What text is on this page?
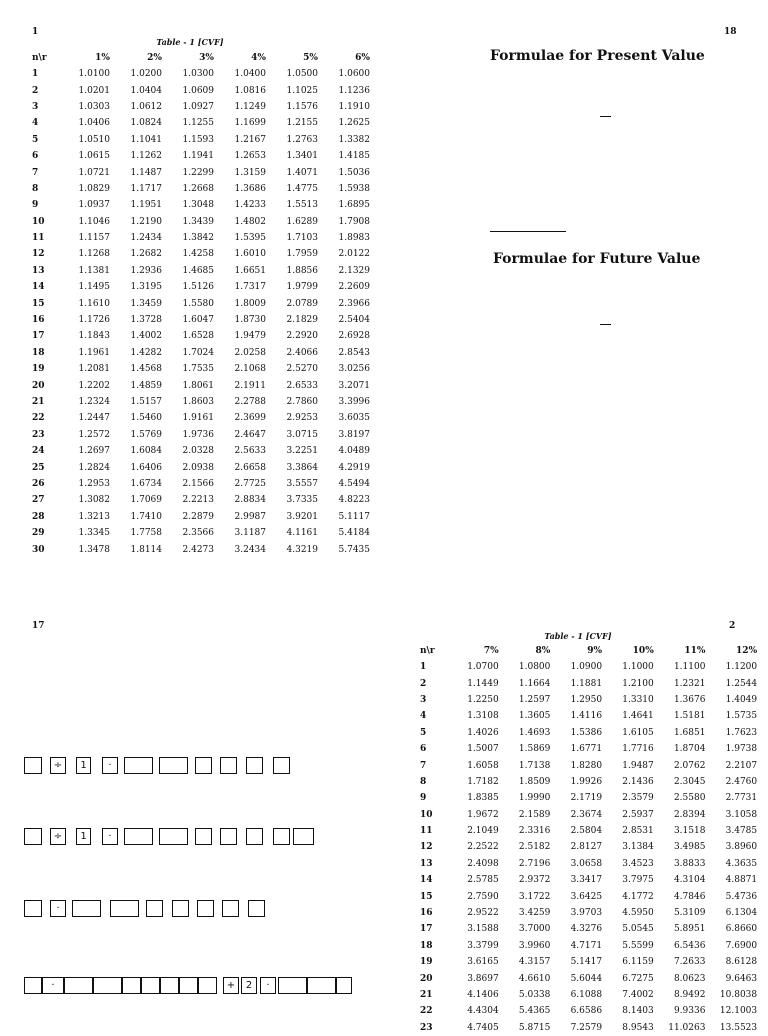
1
Table - 1 [CVF]
n\r	1%	2%	3%	4%	5%	6%
1	1.0100	1.0200	1.0300	1.0400	1.0500	1.0600
2	1.0201	1.0404	1.0609	1.0816	1.1025	1.1236
3	1.0303	1.0612	1.0927	1.1249	1.1576	1.1910
4	1.0406	1.0824	1.1255	1.1699	1.2155	1.2625
5	1.0510	1.1041	1.1593	1.2167	1.2763	1.3382
6	1.0615	1.1262	1.1941	1.2653	1.3401	1.4185
7	1.0721	1.1487	1.2299	1.3159	1.4071	1.5036
8	1.0829	1.1717	1.2668	1.3686	1.4775	1.5938
9	1.0937	1.1951	1.3048	1.4233	1.5513	1.6895
10	1.1046	1.2190	1.3439	1.4802	1.6289	1.7908
11	1.1157	1.2434	1.3842	1.5395	1.7103	1.8983
12	1.1268	1.2682	1.4258	1.6010	1.7959	2.0122
13	1.1381	1.2936	1.4685	1.6651	1.8856	2.1329
14	1.1495	1.3195	1.5126	1.7317	1.9799	2.2609
15	1.1610	1.3459	1.5580	1.8009	2.0789	2.3966
16	1.1726	1.3728	1.6047	1.8730	2.1829	2.5404
17	1.1843	1.4002	1.6528	1.9479	2.2920	2.6928
18	1.1961	1.4282	1.7024	2.0258	2.4066	2.8543
19	1.2081	1.4568	1.7535	2.1068	2.5270	3.0256
20	1.2202	1.4859	1.8061	2.1911	2.6533	3.2071
21	1.2324	1.5157	1.8603	2.2788	2.7860	3.3996
22	1.2447	1.5460	1.9161	2.3699	2.9253	3.6035
23	1.2572	1.5769	1.9736	2.4647	3.0715	3.8197
24	1.2697	1.6084	2.0328	2.5633	3.2251	4.0489
25	1.2824	1.6406	2.0938	2.6658	3.3864	4.2919
26	1.2953	1.6734	2.1566	2.7725	3.5557	4.5494
27	1.3082	1.7069	2.2213	2.8834	3.7335	4.8223
28	1.3213	1.7410	2.2879	2.9987	3.9201	5.1117
29	1.3345	1.7758	2.3566	3.1187	4.1161	5.4184
30	1.3478	1.8114	2.4273	3.2434	4.3219	5.7435
18
Formulae for Present Value
Formulae for Future Value
17
÷	1	·
÷	1	·
·
·	+	2	·
2
Table - 1 [CVF]
n\r	7%	8%	9%	10%	11%	12%
1	1.0700	1.0800	1.0900	1.1000	1.1100	1.1200
2	1.1449	1.1664	1.1881	1.2100	1.2321	1.2544
3	1.2250	1.2597	1.2950	1.3310	1.3676	1.4049
4	1.3108	1.3605	1.4116	1.4641	1.5181	1.5735
5	1.4026	1.4693	1.5386	1.6105	1.6851	1.7623
6	1.5007	1.5869	1.6771	1.7716	1.8704	1.9738
7	1.6058	1.7138	1.8280	1.9487	2.0762	2.2107
8	1.7182	1.8509	1.9926	2.1436	2.3045	2.4760
9	1.8385	1.9990	2.1719	2.3579	2.5580	2.7731
10	1.9672	2.1589	2.3674	2.5937	2.8394	3.1058
11	2.1049	2.3316	2.5804	2.8531	3.1518	3.4785
12	2.2522	2.5182	2.8127	3.1384	3.4985	3.8960
13	2.4098	2.7196	3.0658	3.4523	3.8833	4.3635
14	2.5785	2.9372	3.3417	3.7975	4.3104	4.8871
15	2.7590	3.1722	3.6425	4.1772	4.7846	5.4736
16	2.9522	3.4259	3.9703	4.5950	5.3109	6.1304
17	3.1588	3.7000	4.3276	5.0545	5.8951	6.8660
18	3.3799	3.9960	4.7171	5.5599	6.5436	7.6900
19	3.6165	4.3157	5.1417	6.1159	7.2633	8.6128
20	3.8697	4.6610	5.6044	6.7275	8.0623	9.6463
21	4.1406	5.0338	6.1088	7.4002	8.9492	10.8038
22	4.4304	5.4365	6.6586	8.1403	9.9336	12.1003
23	4.7405	5.8715	7.2579	8.9543	11.0263	13.5523
